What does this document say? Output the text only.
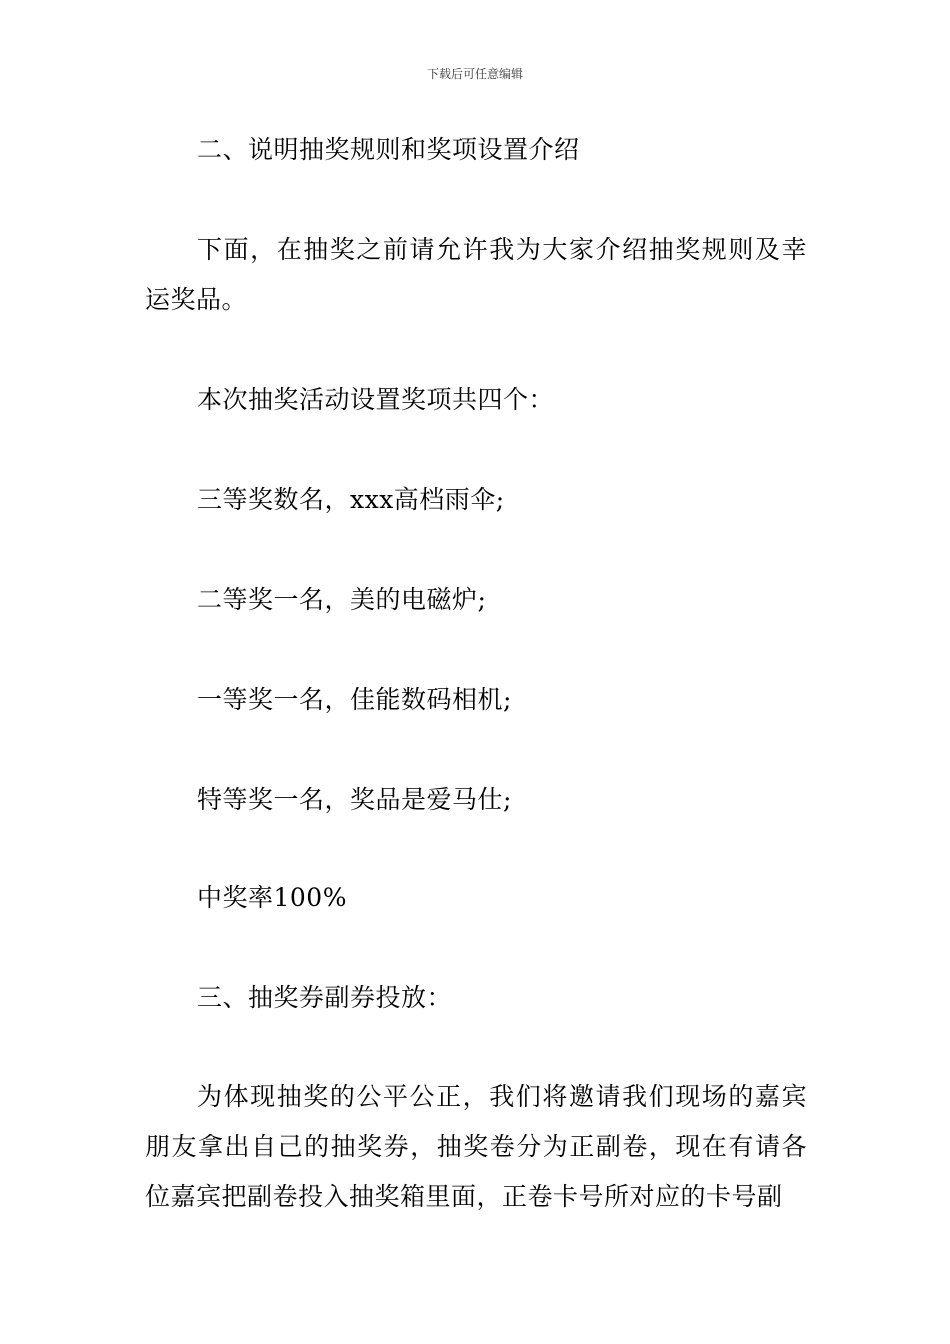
下载后可任意编辑

二、说明抽奖规则和奖项设置介绍

下面，在抽奖之前请允许我为大家介绍抽奖规则及幸运奖品。

本次抽奖活动设置奖项共四个：

三等奖数名，xxx高档雨伞;

二等奖一名，美的电磁炉;

一等奖一名，佳能数码相机;

特等奖一名，奖品是爱马仕;

中奖率100%

三、抽奖券副券投放：

为体现抽奖的公平公正，我们将邀请我们现场的嘉宾朋友拿出自己的抽奖券，抽奖卷分为正副卷，现在有请各位嘉宾把副卷投入抽奖箱里面，正卷卡号所对应的卡号副
